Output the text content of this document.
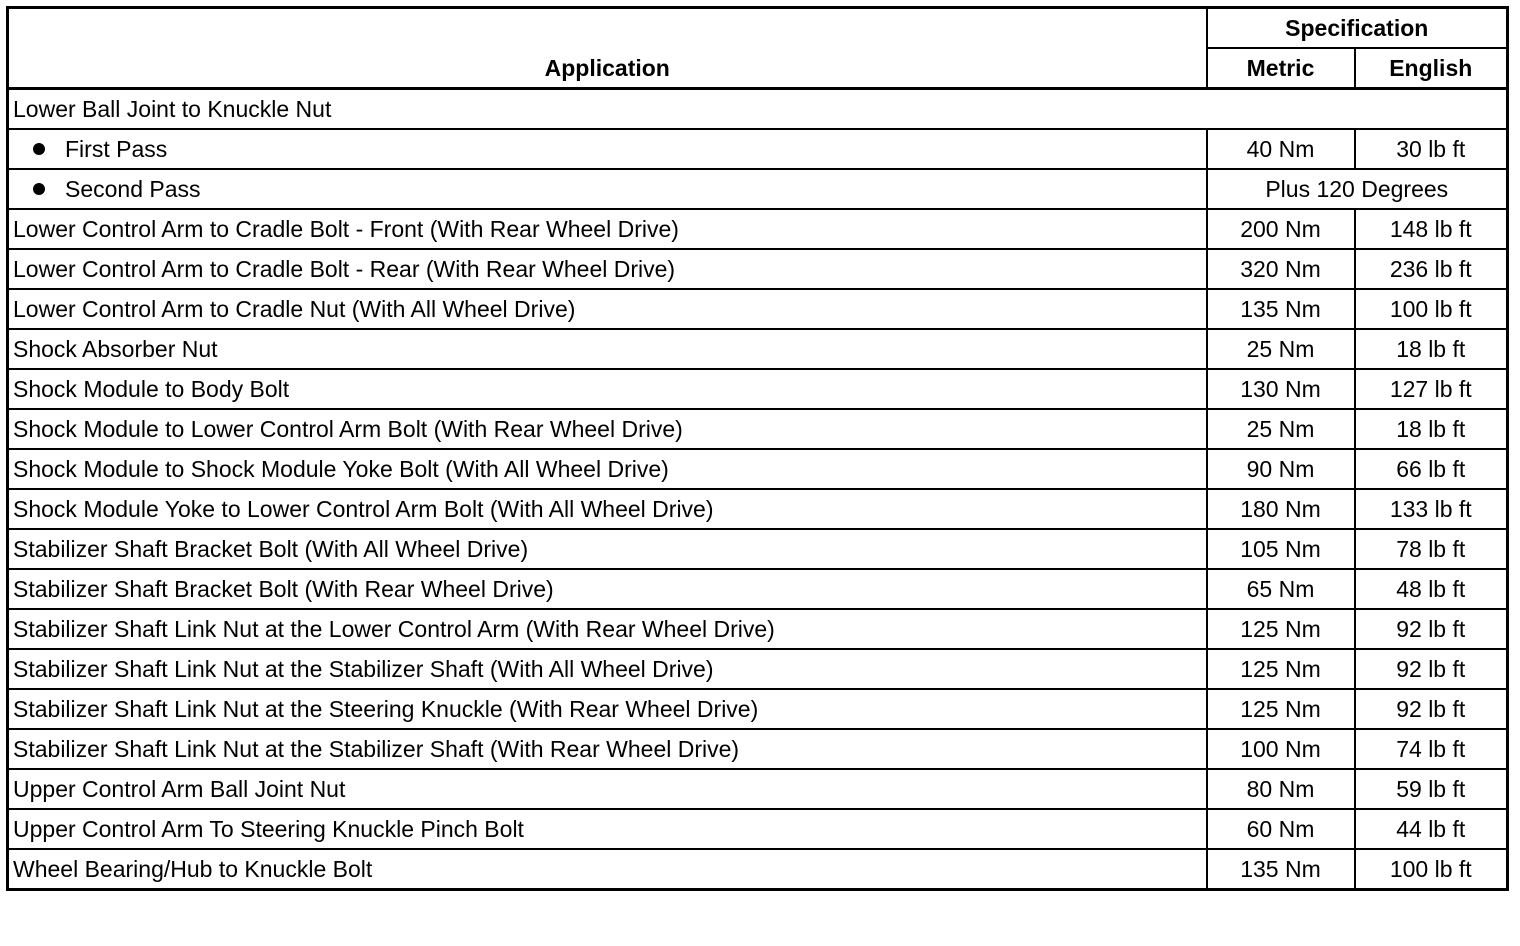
Application	Specification	
	Metric	English
Lower Ball Joint to Knuckle Nut		
First Pass	40 Nm	30 lb ft
Second Pass	Plus 120 Degrees	
Lower Control Arm to Cradle Bolt - Front (With Rear Wheel Drive)	200 Nm	148 lb ft
Lower Control Arm to Cradle Bolt - Rear (With Rear Wheel Drive)	320 Nm	236 lb ft
Lower Control Arm to Cradle Nut (With All Wheel Drive)	135 Nm	100 lb ft
Shock Absorber Nut	25 Nm	18 lb ft
Shock Module to Body Bolt	130 Nm	127 lb ft
Shock Module to Lower Control Arm Bolt (With Rear Wheel Drive)	25 Nm	18 lb ft
Shock Module to Shock Module Yoke Bolt (With All Wheel Drive)	90 Nm	66 lb ft
Shock Module Yoke to Lower Control Arm Bolt (With All Wheel Drive)	180 Nm	133 lb ft
Stabilizer Shaft Bracket Bolt (With All Wheel Drive)	105 Nm	78 lb ft
Stabilizer Shaft Bracket Bolt (With Rear Wheel Drive)	65 Nm	48 lb ft
Stabilizer Shaft Link Nut at the Lower Control Arm (With Rear Wheel Drive)	125 Nm	92 lb ft
Stabilizer Shaft Link Nut at the Stabilizer Shaft (With All Wheel Drive)	125 Nm	92 lb ft
Stabilizer Shaft Link Nut at the Steering Knuckle (With Rear Wheel Drive)	125 Nm	92 lb ft
Stabilizer Shaft Link Nut at the Stabilizer Shaft (With Rear Wheel Drive)	100 Nm	74 lb ft
Upper Control Arm Ball Joint Nut	80 Nm	59 lb ft
Upper Control Arm To Steering Knuckle Pinch Bolt	60 Nm	44 lb ft
Wheel Bearing/Hub to Knuckle Bolt	135 Nm	100 lb ft
